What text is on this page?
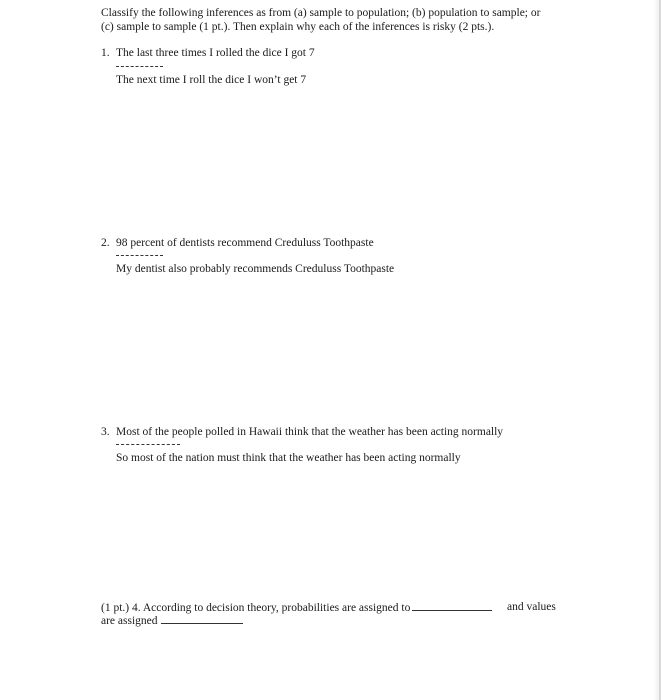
Classify the following inferences as from (a) sample to population; (b) population to sample; or
(c) sample to sample (1 pt.). Then explain why each of the inferences is risky (2 pts.).
1. The last three times I rolled the dice I got 7
The next time I roll the dice I won’t get 7
2. 98 percent of dentists recommend Creduluss Toothpaste
My dentist also probably recommends Creduluss Toothpaste
3. Most of the people polled in Hawaii think that the weather has been acting normally
So most of the nation must think that the weather has been acting normally
(1 pt.) 4. According to decision theory, probabilities are assigned to	and values
are assigned
